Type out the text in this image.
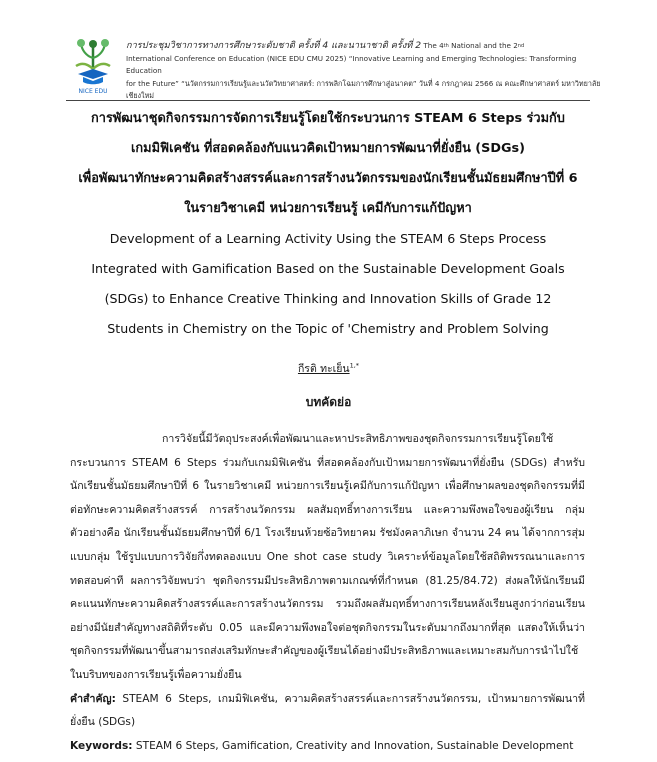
NICE EDU
การประชุมวิชาการทางการศึกษาระดับชาติ ครั้งที่ 4 และนานาชาติ ครั้งที่ 2 The 4th National and the 2nd
International Conference on Education (NICE EDU CMU 2025) “Innovative Learning and Emerging Technologies: Transforming Education
for the Future” “นวัตกรรมการเรียนรู้และนวัตวิทยาศาสตร์: การพลิกโฉมการศึกษาสู่อนาคต” วันที่ 4 กรกฎาคม 2566 ณ คณะศึกษาศาสตร์ มหาวิทยาลัยเชียงใหม่
การพัฒนาชุดกิจกรรมการจัดการเรียนรู้โดยใช้กระบวนการ STEAM 6 Steps ร่วมกับ
เกมมิฟิเคชัน ที่สอดคล้องกับแนวคิดเป้าหมายการพัฒนาที่ยั่งยืน (SDGs)
เพื่อพัฒนาทักษะความคิดสร้างสรรค์และการสร้างนวัตกรรมของนักเรียนชั้นมัธยมศึกษาปีที่ 6
ในรายวิชาเคมี หน่วยการเรียนรู้ เคมีกับการแก้ปัญหา
Development of a Learning Activity Using the STEAM 6 Steps Process
Integrated with Gamification Based on the Sustainable Development Goals
(SDGs) to Enhance Creative Thinking and Innovation Skills of Grade 12
Students in Chemistry on the Topic of 'Chemistry and Problem Solving
กีรติ ทะเย็น$^{1,*}$
บทคัดย่อ

การวิจัยนี้มีวัตถุประสงค์เพื่อพัฒนาและหาประสิทธิภาพของชุดกิจกรรมการเรียนรู้โดยใช้กระบวนการ STEAM 6 Steps ร่วมกับเกมมิฟิเคชัน ที่สอดคล้องกับเป้าหมายการพัฒนาที่ยั่งยืน (SDGs) สำหรับนักเรียนชั้นมัธยมศึกษาปีที่ 6 ในรายวิชาเคมี หน่วยการเรียนรู้เคมีกับการแก้ปัญหา เพื่อศึกษาผลของชุดกิจกรรมที่มีต่อทักษะความคิดสร้างสรรค์ การสร้างนวัตกรรม ผลสัมฤทธิ์ทางการเรียน และความพึงพอใจของผู้เรียน กลุ่มตัวอย่างคือ นักเรียนชั้นมัธยมศึกษาปีที่ 6/1 โรงเรียนห้วยซ้อวิทยาคม รัชมังคลาภิเษก จำนวน 24 คน ได้จากการสุ่มแบบกลุ่ม ใช้รูปแบบการวิจัยกึ่งทดลองแบบ One shot case study วิเคราะห์ข้อมูลโดยใช้สถิติพรรณนาและการทดสอบค่าที ผลการวิจัยพบว่า ชุดกิจกรรมมีประสิทธิภาพตามเกณฑ์ที่กำหนด (81.25/84.72) ส่งผลให้นักเรียนมีคะแนนทักษะความคิดสร้างสรรค์และการสร้างนวัตกรรม รวมถึงผลสัมฤทธิ์ทางการเรียนหลังเรียนสูงกว่าก่อนเรียนอย่างมีนัยสำคัญทางสถิติที่ระดับ 0.05 และมีความพึงพอใจต่อชุดกิจกรรมในระดับมากถึงมากที่สุด แสดงให้เห็นว่าชุดกิจกรรมที่พัฒนาขึ้นสามารถส่งเสริมทักษะสำคัญของผู้เรียนได้อย่างมีประสิทธิภาพและเหมาะสมกับการนำไปใช้ในบริบทของการเรียนรู้เพื่อความยั่งยืน

คำสำคัญ: STEAM 6 Steps, เกมมิฟิเคชัน, ความคิดสร้างสรรค์และการสร้างนวัตกรรม, เป้าหมายการพัฒนาที่ยั่งยืน (SDGs)

Keywords: STEAM 6 Steps, Gamification, Creativity and Innovation, Sustainable Development
